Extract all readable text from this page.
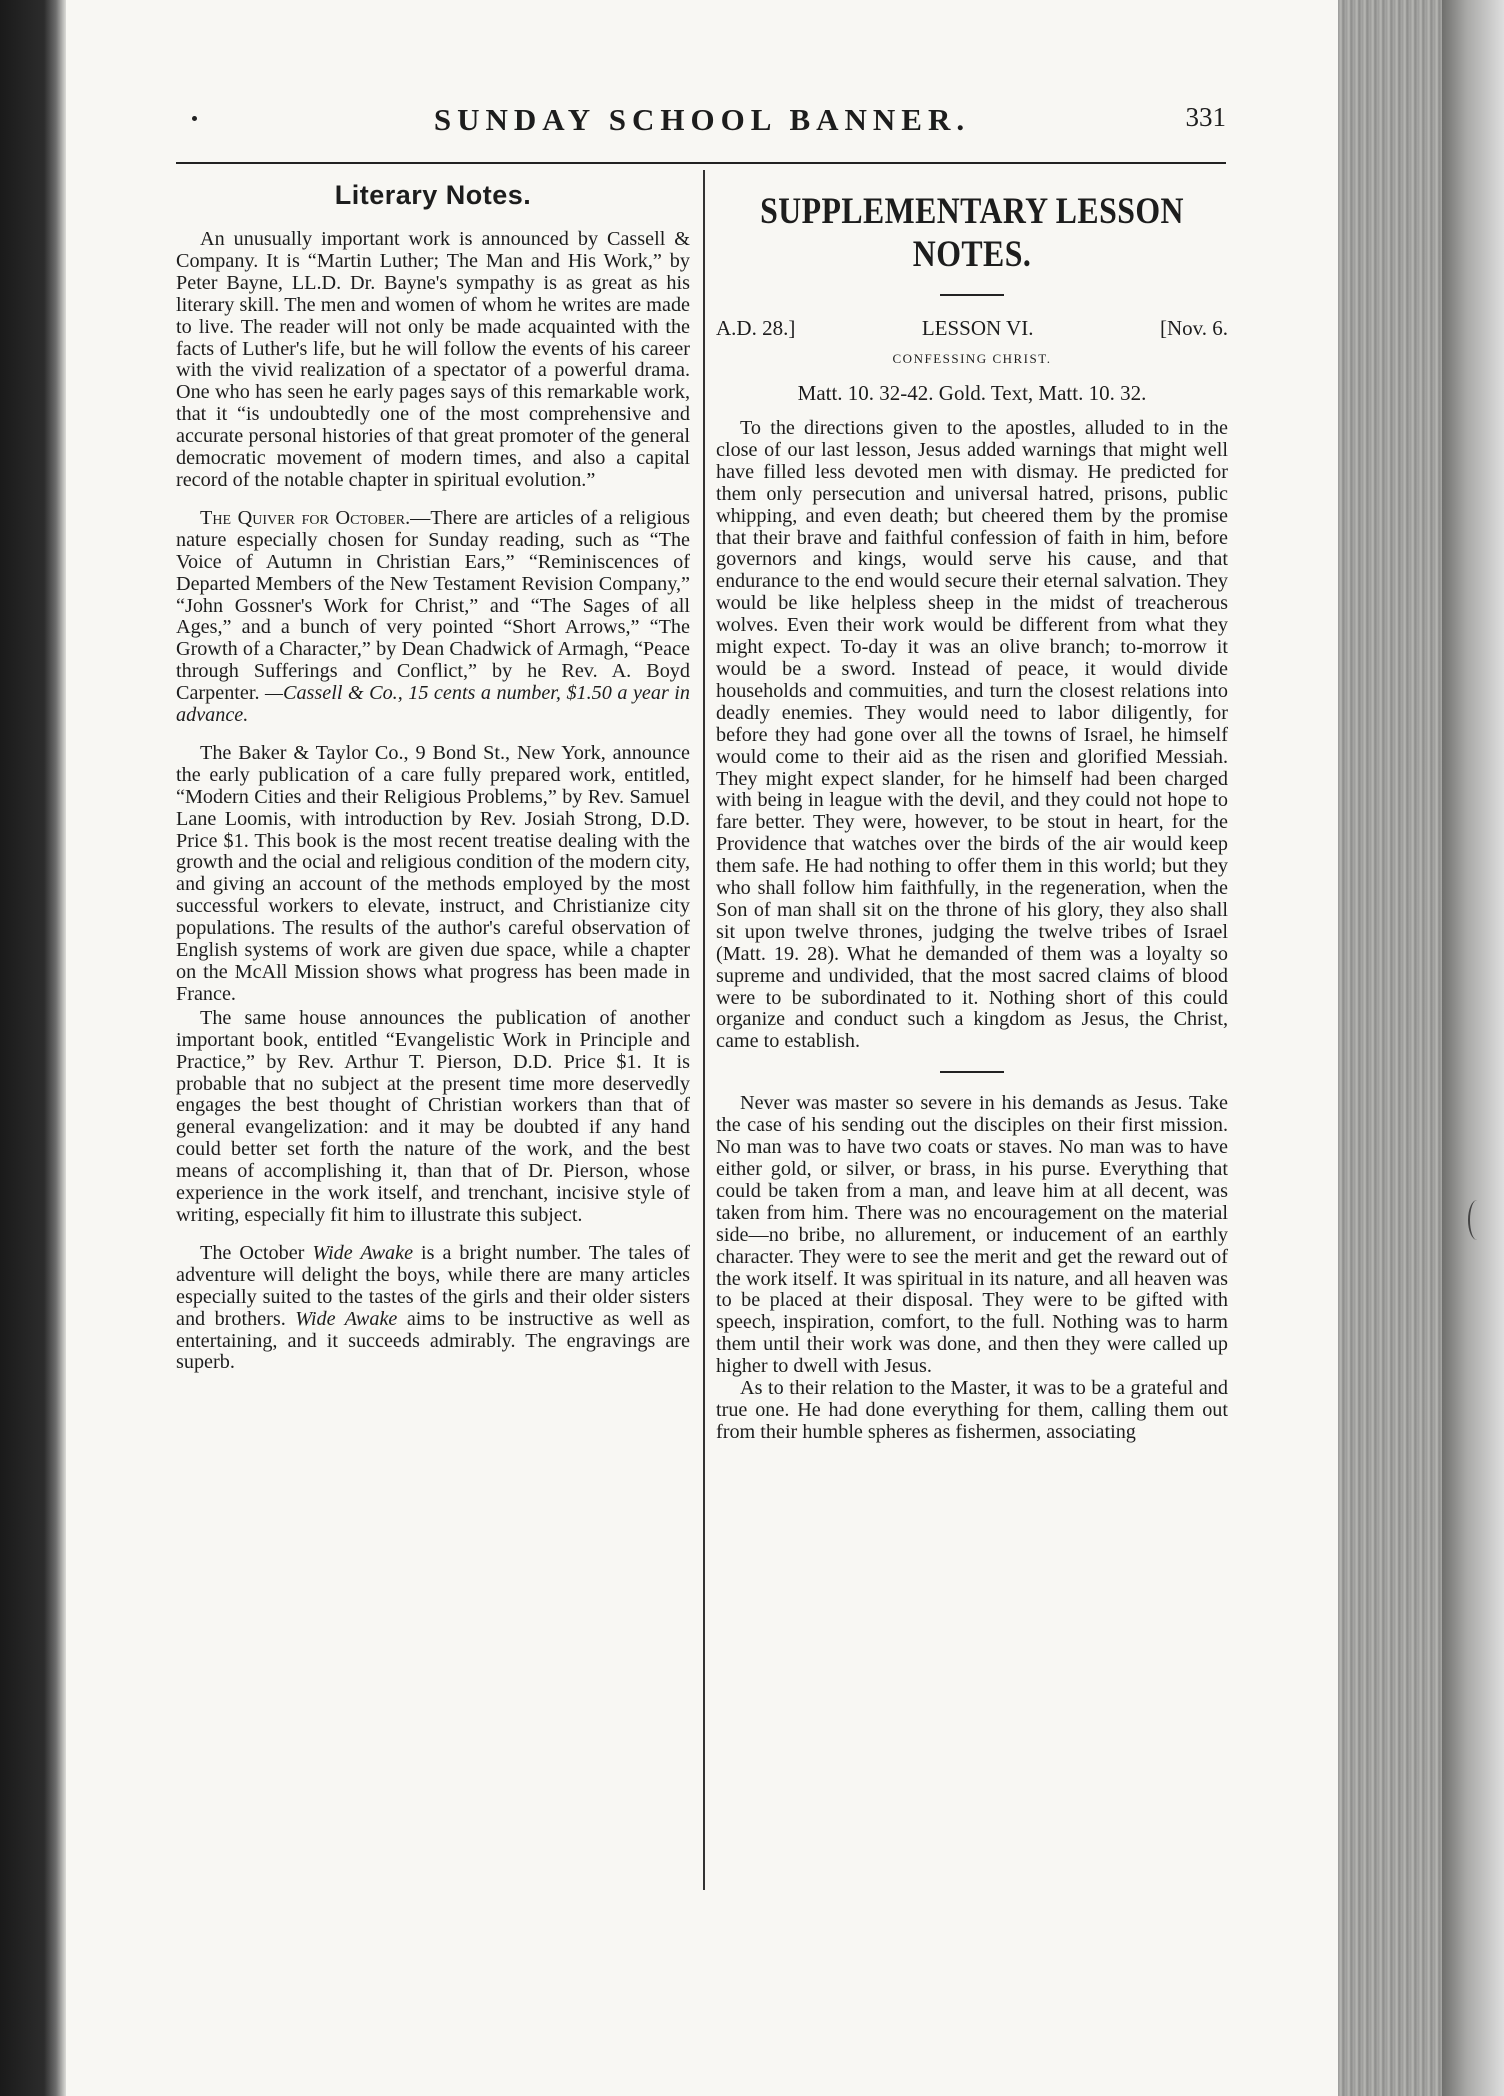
SUNDAY SCHOOL BANNER.	331
Literary Notes.

An unusually important work is announced by Cassell & Company. It is “Martin Luther; The Man and His Work,” by Peter Bayne, LL.D. Dr. Bayne's sympathy is as great as his literary skill. The men and women of whom he writes are made to live. The reader will not only be made acquainted with the facts of Luther's life, but he will follow the events of his career with the vivid realization of a spectator of a powerful drama. One who has seen he early pages says of this remarkable work, that it “is undoubtedly one of the most comprehensive and accurate personal histories of that great promoter of the general democratic movement of modern times, and also a capital record of the notable chapter in spiritual evolution.”

The Quiver for October.—There are articles of a religious nature especially chosen for Sunday reading, such as “The Voice of Autumn in Christian Ears,” “Reminiscences of Departed Members of the New Testament Revision Company,” “John Gossner's Work for Christ,” and “The Sages of all Ages,” and a bunch of very pointed “Short Arrows,” “The Growth of a Character,” by Dean Chadwick of Armagh, “Peace through Sufferings and Conflict,” by he Rev. A. Boyd Carpenter. —Cassell & Co., 15 cents a number, $1.50 a year in advance.

The Baker & Taylor Co., 9 Bond St., New York, announce the early publication of a care fully prepared work, entitled, “Modern Cities and their Religious Problems,” by Rev. Samuel Lane Loomis, with introduction by Rev. Josiah Strong, D.D. Price $1. This book is the most recent treatise dealing with the growth and the ocial and religious condition of the modern city, and giving an account of the methods employed by the most successful workers to elevate, instruct, and Christianize city populations. The results of the author's careful observation of English systems of work are given due space, while a chapter on the McAll Mission shows what progress has been made in France.

The same house announces the publication of another important book, entitled “Evangelistic Work in Principle and Practice,” by Rev. Arthur T. Pierson, D.D. Price $1. It is probable that no subject at the present time more deservedly engages the best thought of Christian workers than that of general evangelization: and it may be doubted if any hand could better set forth the nature of the work, and the best means of accomplishing it, than that of Dr. Pierson, whose experience in the work itself, and trenchant, incisive style of writing, especially fit him to illustrate this subject.

The October Wide Awake is a bright number. The tales of adventure will delight the boys, while there are many articles especially suited to the tastes of the girls and their older sisters and brothers. Wide Awake aims to be instructive as well as entertaining, and it succeeds admirably. The engravings are superb.

SUPPLEMENTARY LESSON NOTES.
A.D. 28.]	LESSON VI.	[Nov. 6.
CONFESSING CHRIST.
Matt. 10. 32-42. Gold. Text, Matt. 10. 32.

To the directions given to the apostles, alluded to in the close of our last lesson, Jesus added warnings that might well have filled less devoted men with dismay. He predicted for them only persecution and universal hatred, prisons, public whipping, and even death; but cheered them by the promise that their brave and faithful confession of faith in him, before governors and kings, would serve his cause, and that endurance to the end would secure their eternal salvation. They would be like helpless sheep in the midst of treacherous wolves. Even their work would be different from what they might expect. To-day it was an olive branch; to-morrow it would be a sword. Instead of peace, it would divide households and commuities, and turn the closest relations into deadly enemies. They would need to labor diligently, for before they had gone over all the towns of Israel, he himself would come to their aid as the risen and glorified Messiah. They might expect slander, for he himself had been charged with being in league with the devil, and they could not hope to fare better. They were, however, to be stout in heart, for the Providence that watches over the birds of the air would keep them safe. He had nothing to offer them in this world; but they who shall follow him faithfully, in the regeneration, when the Son of man shall sit on the throne of his glory, they also shall sit upon twelve thrones, judging the twelve tribes of Israel (Matt. 19. 28). What he demanded of them was a loyalty so supreme and undivided, that the most sacred claims of blood were to be subordinated to it. Nothing short of this could organize and conduct such a kingdom as Jesus, the Christ, came to establish.

Never was master so severe in his demands as Jesus. Take the case of his sending out the disciples on their first mission. No man was to have two coats or staves. No man was to have either gold, or silver, or brass, in his purse. Everything that could be taken from a man, and leave him at all decent, was taken from him. There was no encouragement on the material side—no bribe, no allurement, or inducement of an earthly character. They were to see the merit and get the reward out of the work itself. It was spiritual in its nature, and all heaven was to be placed at their disposal. They were to be gifted with speech, inspiration, comfort, to the full. Nothing was to harm them until their work was done, and then they were called up higher to dwell with Jesus.

As to their relation to the Master, it was to be a grateful and true one. He had done everything for them, calling them out from their humble spheres as fishermen, associating
